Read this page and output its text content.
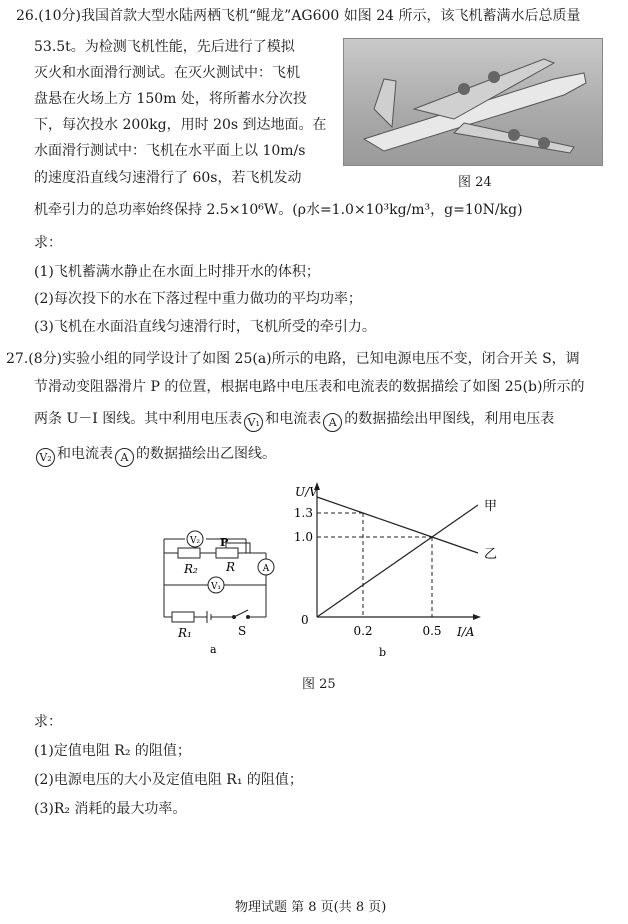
26.(10分)我国首款大型水陆两栖飞机“鲲龙”AG600 如图 24 所示，该飞机蓄满水后总质量
53.5t。为检测飞机性能，先后进行了模拟
灭火和水面滑行测试。在灭火测试中：飞机
盘悬在火场上方 150m 处，将所蓄水分次投
下，每次投水 200kg，用时 20s 到达地面。在
水面滑行测试中：飞机在水平面上以 10m/s
的速度沿直线匀速滑行了 60s，若飞机发动
机牵引力的总功率始终保持 2.5×10⁶W。(ρ水=1.0×10³kg/m³，g=10N/kg)
图 24
求：
(1)飞机蓄满水静止在水面上时排开水的体积；
(2)每次投下的水在下落过程中重力做功的平均功率；
(3)飞机在水面沿直线匀速滑行时，飞机所受的牵引力。
27.(8分)实验小组的同学设计了如图 25(a)所示的电路，已知电源电压不变，闭合开关 S，调
节滑动变阻器滑片 P 的位置，根据电路中电压表和电流表的数据描绘了如图 25(b)所示的
两条 U－I 图线。其中利用电压表 V₁ 和电流表 A 的数据描绘出甲图线，利用电压表
V₂ 和电流表 A 的数据描绘出乙图线。
V₂
A
V₁
R₂
P
R
R₁	S
a
U/V
I/A
0
甲
乙
0.2	0.5
1.3
1.0
b
图 25
求：
(1)定值电阻 R₂ 的阻值；
(2)电源电压的大小及定值电阻 R₁ 的阻值；
(3)R₂ 消耗的最大功率。
物理试题 第 8 页(共 8 页)
